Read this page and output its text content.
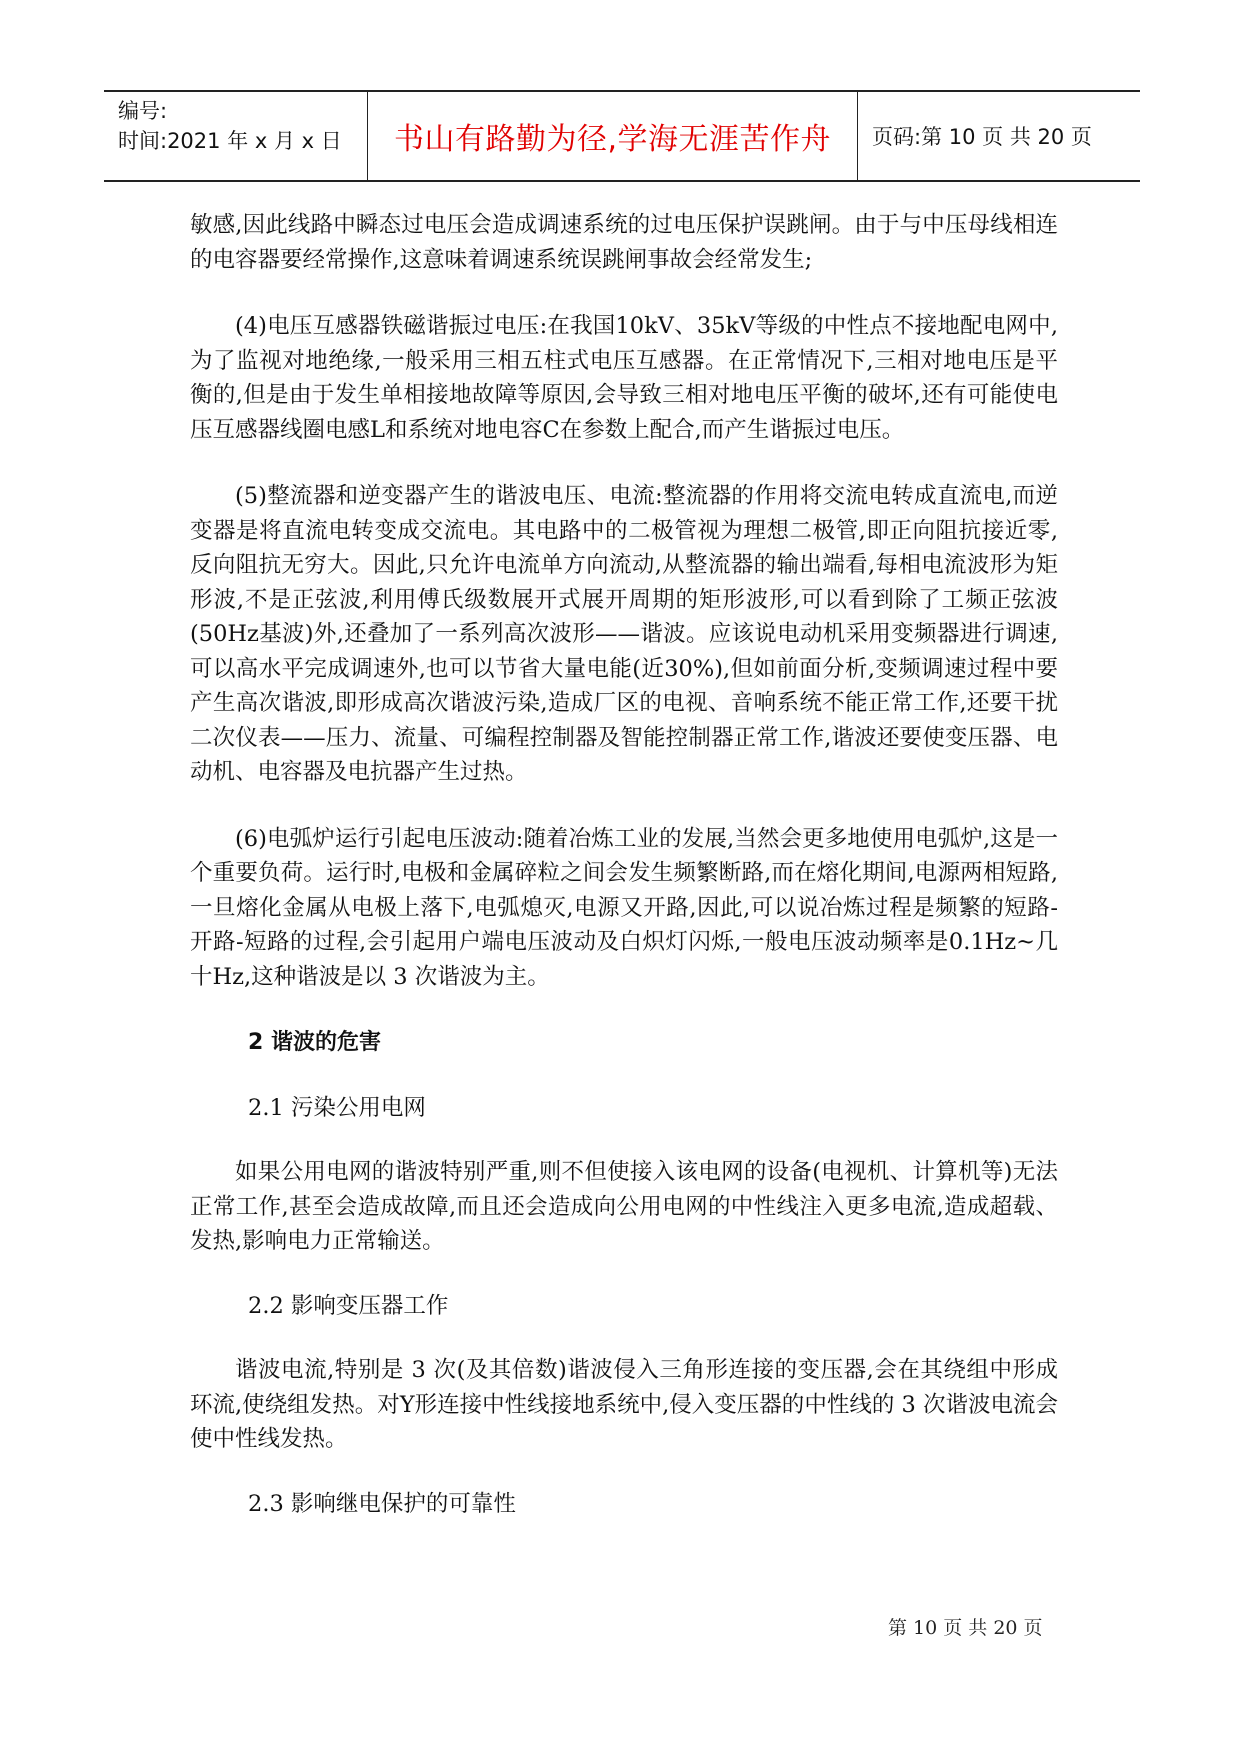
编号:
时间:2021 年 x 月 x 日	书山有路勤为径,学海无涯苦作舟	页码:第 10 页 共 20 页

敏感,因此线路中瞬态过电压会造成调速系统的过电压保护误跳闸。由于与中压母线相连的电容器要经常操作,这意味着调速系统误跳闸事故会经常发生;

(4)电压互感器铁磁谐振过电压:在我国10kV、35kV等级的中性点不接地配电网中,为了监视对地绝缘,一般采用三相五柱式电压互感器。在正常情况下,三相对地电压是平衡的,但是由于发生单相接地故障等原因,会导致三相对地电压平衡的破坏,还有可能使电压互感器线圈电感L和系统对地电容C在参数上配合,而产生谐振过电压。

(5)整流器和逆变器产生的谐波电压、电流:整流器的作用将交流电转成直流电,而逆变器是将直流电转变成交流电。其电路中的二极管视为理想二极管,即正向阻抗接近零,反向阻抗无穷大。因此,只允许电流单方向流动,从整流器的输出端看,每相电流波形为矩形波,不是正弦波,利用傅氏级数展开式展开周期的矩形波形,可以看到除了工频正弦波(50Hz基波)外,还叠加了一系列高次波形——谐波。应该说电动机采用变频器进行调速,可以高水平完成调速外,也可以节省大量电能(近30%),但如前面分析,变频调速过程中要产生高次谐波,即形成高次谐波污染,造成厂区的电视、音响系统不能正常工作,还要干扰二次仪表——压力、流量、可编程控制器及智能控制器正常工作,谐波还要使变压器、电动机、电容器及电抗器产生过热。

(6)电弧炉运行引起电压波动:随着冶炼工业的发展,当然会更多地使用电弧炉,这是一个重要负荷。运行时,电极和金属碎粒之间会发生频繁断路,而在熔化期间,电源两相短路,一旦熔化金属从电极上落下,电弧熄灭,电源又开路,因此,可以说冶炼过程是频繁的短路-开路-短路的过程,会引起用户端电压波动及白炽灯闪烁,一般电压波动频率是0.1Hz~几十Hz,这种谐波是以 3 次谐波为主。

2 谐波的危害

2.1 污染公用电网

如果公用电网的谐波特别严重,则不但使接入该电网的设备(电视机、计算机等)无法正常工作,甚至会造成故障,而且还会造成向公用电网的中性线注入更多电流,造成超载、发热,影响电力正常输送。

2.2 影响变压器工作

谐波电流,特别是 3 次(及其倍数)谐波侵入三角形连接的变压器,会在其绕组中形成环流,使绕组发热。对Y形连接中性线接地系统中,侵入变压器的中性线的 3 次谐波电流会使中性线发热。

2.3 影响继电保护的可靠性

第 10 页 共 20 页
